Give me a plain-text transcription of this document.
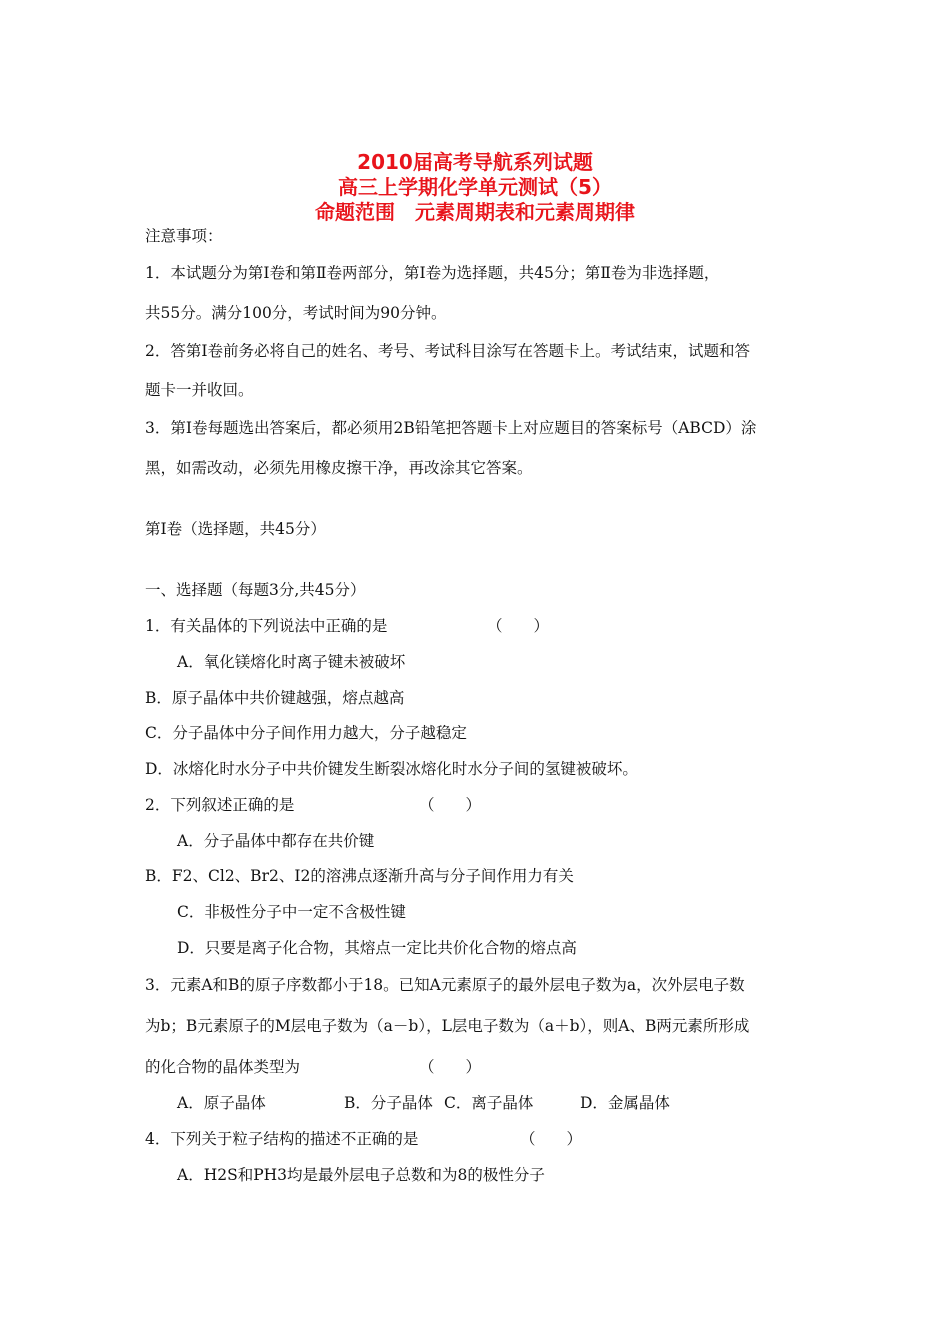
2010届高考导航系列试题
高三上学期化学单元测试（5）
命题范围　元素周期表和元素周期律
注意事项：
1．本试题分为第Ⅰ卷和第Ⅱ卷两部分，第Ⅰ卷为选择题，共45分；第Ⅱ卷为非选择题，
共55分。满分100分，考试时间为90分钟。
2．答第Ⅰ卷前务必将自己的姓名、考号、考试科目涂写在答题卡上。考试结束，试题和答
题卡一并收回。
3．第Ⅰ卷每题选出答案后，都必须用2B铅笔把答题卡上对应题目的答案标号（ABCD）涂
黑，如需改动，必须先用橡皮擦干净，再改涂其它答案。
第Ⅰ卷（选择题，共45分）
一、选择题（每题3分,共45分）
1．有关晶体的下列说法中正确的是	（　　）
A．氧化镁熔化时离子键未被破坏
B．原子晶体中共价键越强，熔点越高
C．分子晶体中分子间作用力越大，分子越稳定
D．冰熔化时水分子中共价键发生断裂冰熔化时水分子间的氢键被破坏。
2．下列叙述正确的是	（　　）
A．分子晶体中都存在共价键
B．F2、Cl2、Br2、I2的溶沸点逐渐升高与分子间作用力有关
C．非极性分子中一定不含极性键
D．只要是离子化合物，其熔点一定比共价化合物的熔点高
3．元素A和B的原子序数都小于18。已知A元素原子的最外层电子数为a，次外层电子数
为b；B元素原子的M层电子数为（a－b），L层电子数为（a＋b），则A、B两元素所形成
的化合物的晶体类型为	（　　）
A．原子晶体	B．分子晶体 C．离子晶体	D．金属晶体
4．下列关于粒子结构的描述不正确的是	（　　）
A．H2S和PH3均是最外层电子总数和为8的极性分子
